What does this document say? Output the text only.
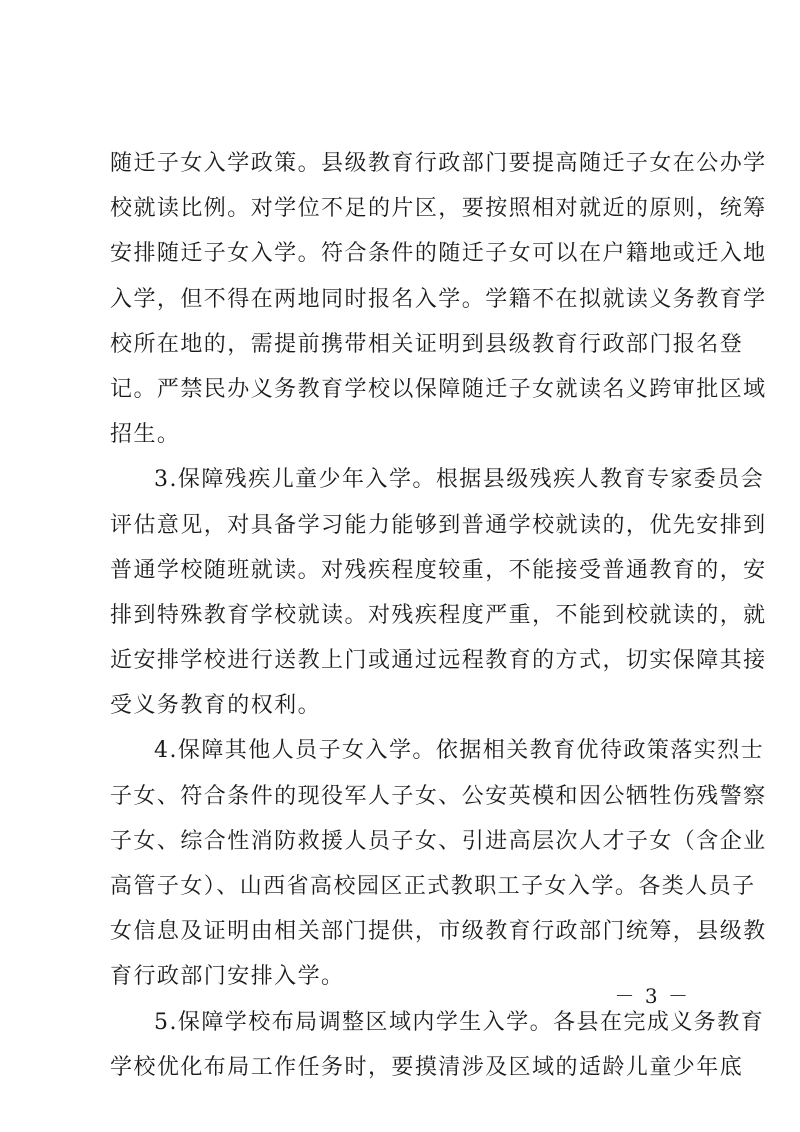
随迁子女入学政策。县级教育行政部门要提高随迁子女在公办学
校就读比例。对学位不足的片区，要按照相对就近的原则，统筹
安排随迁子女入学。符合条件的随迁子女可以在户籍地或迁入地
入学，但不得在两地同时报名入学。学籍不在拟就读义务教育学
校所在地的，需提前携带相关证明到县级教育行政部门报名登
记。严禁民办义务教育学校以保障随迁子女就读名义跨审批区域
招生。
3.保障残疾儿童少年入学。根据县级残疾人教育专家委员会
评估意见，对具备学习能力能够到普通学校就读的，优先安排到
普通学校随班就读。对残疾程度较重，不能接受普通教育的，安
排到特殊教育学校就读。对残疾程度严重，不能到校就读的，就
近安排学校进行送教上门或通过远程教育的方式，切实保障其接
受义务教育的权利。
4.保障其他人员子女入学。依据相关教育优待政策落实烈士
子女、符合条件的现役军人子女、公安英模和因公牺牲伤残警察
子女、综合性消防救援人员子女、引进高层次人才子女（含企业
高管子女）、山西省高校园区正式教职工子女入学。各类人员子
女信息及证明由相关部门提供，市级教育行政部门统筹，县级教
育行政部门安排入学。
5.保障学校布局调整区域内学生入学。各县在完成义务教育
学校优化布局工作任务时，要摸清涉及区域的适龄儿童少年底
－ 3 －
